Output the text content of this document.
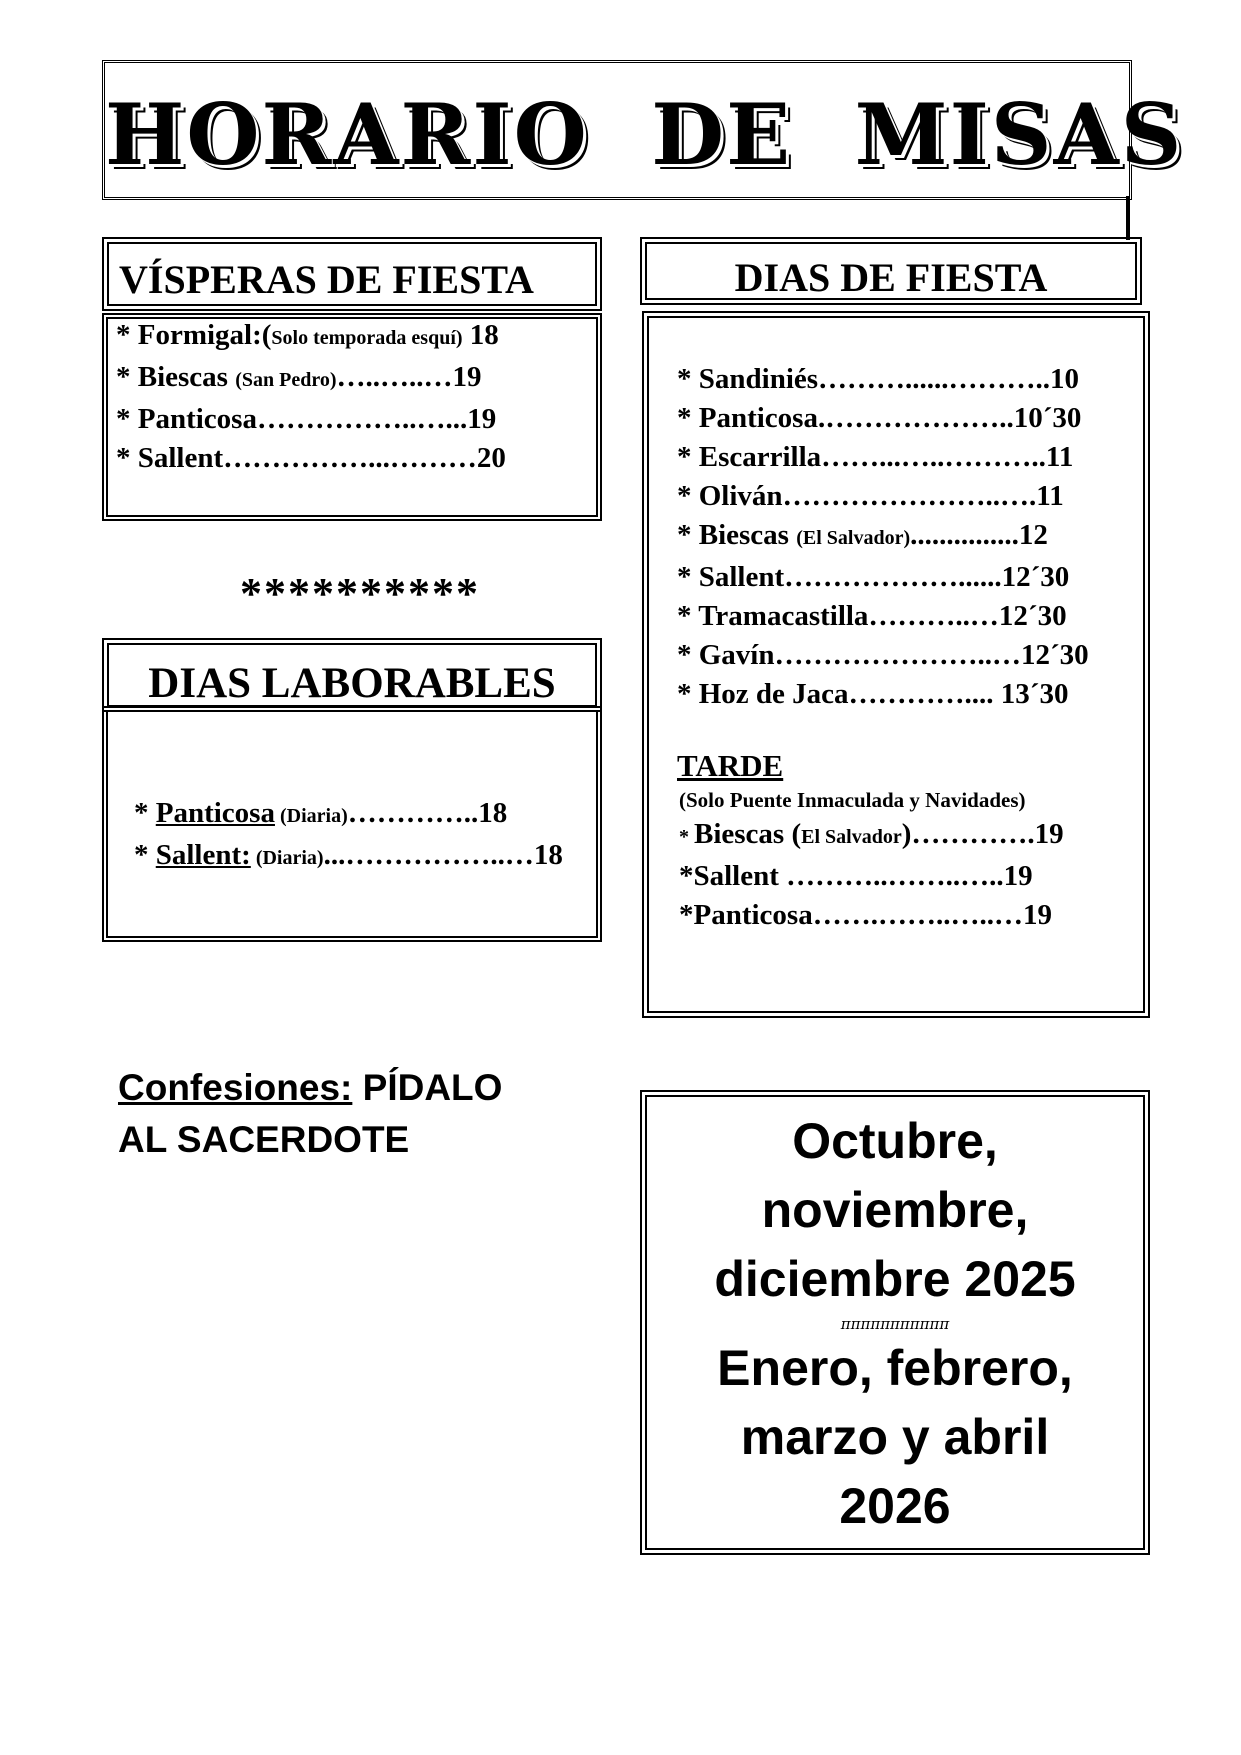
HORARIO  DE  MISAS
VÍSPERAS DE FIESTA
* Formigal:(Solo temporada esquí) 18
* Biescas (San Pedro)…..…..…19
* Panticosa……………..…...19
* Sallent……………...………20
**********
DIAS LABORABLES
* Panticosa (Diaria)…………..18
* Sallent: (Diaria)...……………..…18
DIAS DE FIESTA
* Sandiniés………......………..10
* Panticosa.………………..10´30
* Escarrilla……...…..………..11
* Oliván…………………..….11
* Biescas (El Salvador)...............12
* Sallent………………......12´30
* Tramacastilla………..…12´30
* Gavín…………………..…12´30
* Hoz de Jaca………….... 13´30
TARDE
(Solo Puente Inmaculada y Navidades)
* Biescas (El Salvador)………….19
*Sallent ………..……..…..19
*Panticosa…….……..…..…19
Confesiones: PÍDALO
AL SACERDOTE	Octubre,
noviembre,
diciembre 2025
πππππππππππ
Enero, febrero,
marzo y abril
2026
